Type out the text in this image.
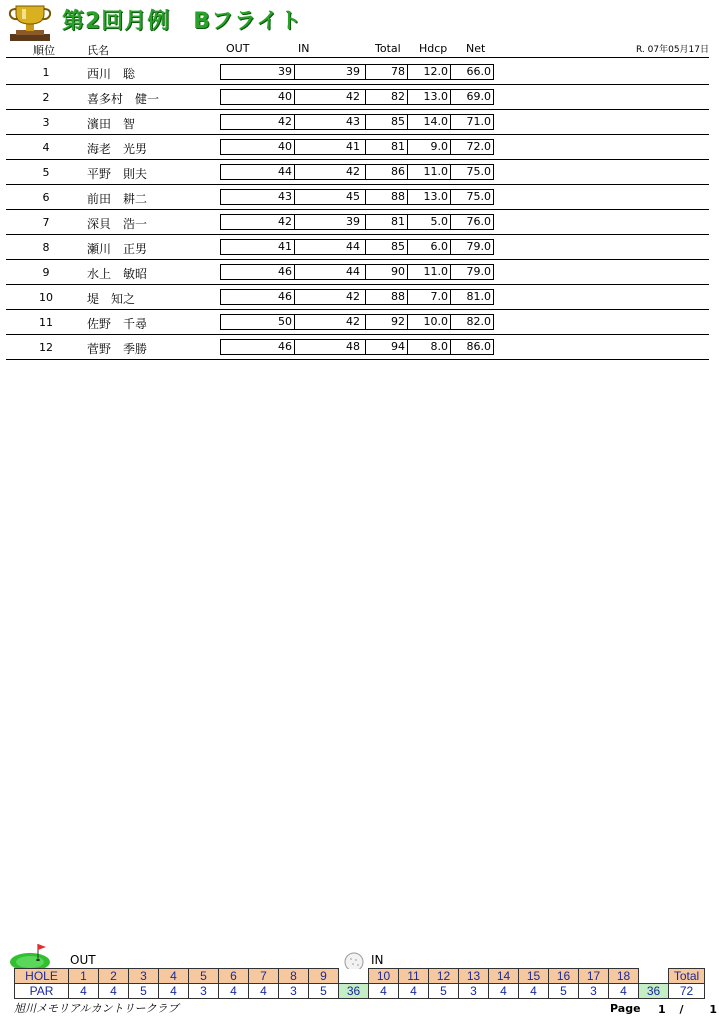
第2回月例　Bフライト
順位	氏名	OUT	IN	Total Hdcp Net	R. 07年05月17日
1	西川　聡	39	39	78	12.0	66.0
2	喜多村　健一	40	42	82	13.0	69.0
3	濱田　智	42	43	85	14.0	71.0
4	海老　光男	40	41	81	9.0	72.0
5	平野　則夫	44	42	86	11.0	75.0
6	前田　耕二	43	45	88	13.0	75.0
7	深貝　浩一	42	39	81	5.0	76.0
8	瀬川　正男	41	44	85	6.0	79.0
9	水上　敏昭	46	44	90	11.0	79.0
10	堤　知之	46	42	88	7.0	81.0
11	佐野　千尋	50	42	92	10.0	82.0
12	菅野　季勝	46	48	94	8.0	86.0
OUT	IN
HOLE	1	2	3	4	5	6	7	8	9		10	11	12	13	14	15	16	17	18		Total
PAR	4	4	5	4	3	4	4	3	5	36	4	4	5	3	4	4	5	3	4	36	72
旭川メモリアルカントリークラブ	Page 1 / 1
